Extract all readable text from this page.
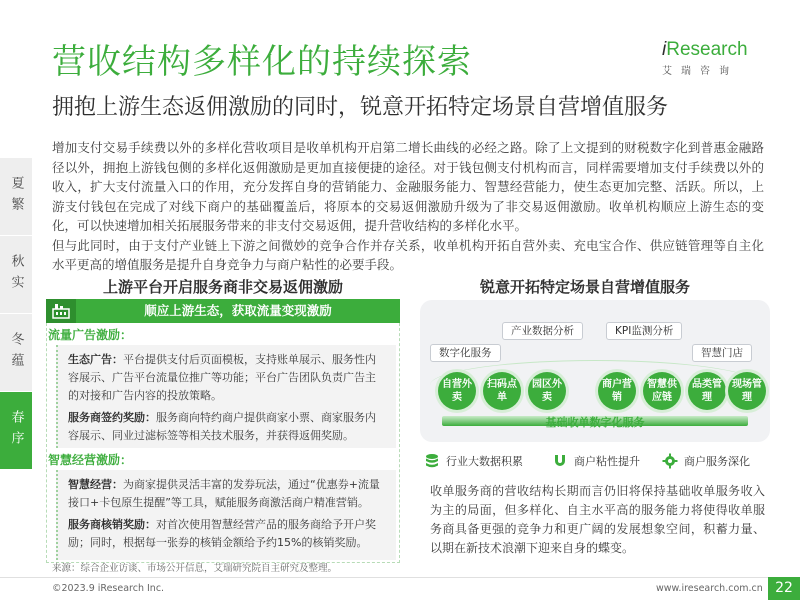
营收结构多样化的持续探索
拥抱上游生态返佣激励的同时，锐意开拓特定场景自营增值服务
iResearch
艾瑞咨询
夏繁
秋实
冬蕴
春序

增加支付交易手续费以外的多样化营收项目是收单机构开启第二增长曲线的必经之路。除了上文提到的财税数字化到普惠金融路径以外，拥抱上游钱包侧的多样化返佣激励是更加直接便捷的途径。对于钱包侧支付机构而言，同样需要增加支付手续费以外的收入，扩大支付流量入口的作用，充分发挥自身的营销能力、金融服务能力、智慧经营能力，使生态更加完整、活跃。所以，上游支付钱包在完成了对线下商户的基础覆盖后，将原本的交易返佣激励升级为了非交易返佣激励。收单机构顺应上游生态的变化，可以快速增加相关拓展服务带来的非支付交易返佣，提升营收结构的多样化水平。

但与此同时，由于支付产业链上下游之间微妙的竞争合作并存关系，收单机构开拓自营外卖、充电宝合作、供应链管理等自主化水平更高的增值服务是提升自身竞争力与商户粘性的必要手段。

上游平台开启服务商非交易返佣激励
顺应上游生态，获取流量变现激励
流量广告激励：

生态广告：平台提供支付后页面模板，支持账单展示、服务性内容展示、广告平台流量位推广等功能；平台广告团队负责广告主的对接和广告内容的投放策略。

服务商签约奖励：服务商向特约商户提供商家小票、商家服务内容展示、同业过滤标签等相关技术服务，并获得返佣奖励。

智慧经营激励：

智慧经营：为商家提供灵活丰富的发券玩法，通过“优惠券+流量接口+卡包原生提醒”等工具，赋能服务商激活商户精准营销。

服务商核销奖励：对首次使用智慧经营产品的服务商给予开户奖励；同时，根据每一张券的核销金额给予约15%的核销奖励。

锐意开拓特定场景自营增值服务
产业数据分析	KPI监测分析
数字化服务	智慧门店
自营外卖
扫码点单
园区外卖
商户营销
智慧供应链
品类管理
现场管理
基础收单数字化服务
行业大数据积累	商户粘性提升	商户服务深化
收单服务商的营收结构长期而言仍旧将保持基础收单服务收入为主的局面，但多样化、自主水平高的服务能力将使得收单服务商具备更强的竞争力和更广阔的发展想象空间，积蓄力量、以期在新技术浪潮下迎来自身的蝶变。
来源：综合企业访谈、市场公开信息，艾瑞研究院自主研究及整理。
©2023.9 iResearch Inc.	www.iresearch.com.cn 22
